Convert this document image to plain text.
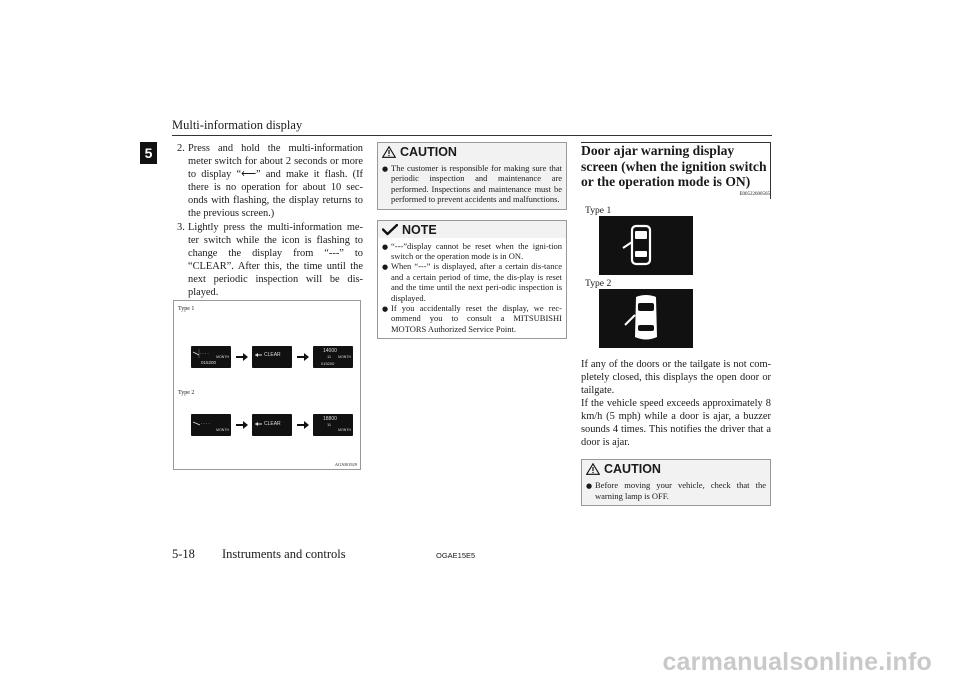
Multi-information display
5	2. Press and hold the multi-information meter switch for about 2 seconds or more to display “⟵” and make it flash. (If there is no operation for about 10 sec-onds with flashing, the display returns to the previous screen.)
3. Lightly press the multi-information me-ter switch while the icon is flashing to change the display from “---” to “CLEAR”. After this, the time until the next periodic inspection will be dis-played.
Type 1
- - - -
MONTH
015200
CLEAR
14000
11 MONTH
015200
Type 2
- - - -
MONTH
CLEAR
18800
11
MONTH
AG3001929
CAUTION
● The customer is responsible for making sure that periodic inspection and maintenance are performed. Inspections and maintenance must be performed to prevent accidents and malfunctions.
NOTE
● “---”display cannot be reset when the igni-tion switch or the operation mode is in ON.
● When “---” is displayed, after a certain dis-tance and a certain period of time, the dis-play is reset and the time until the next peri-odic inspection is displayed.
● If you accidentally reset the display, we rec-ommend you to consult a MITSUBISHI MOTORS Authorized Service Point.
Door ajar warning display screen (when the ignition switch or the operation mode is ON)
E00522600565
Type 1
Type 2
If any of the doors or the tailgate is not com-pletely closed, this displays the open door or tailgate.
If the vehicle speed exceeds approximately 8 km/h (5 mph) while a door is ajar, a buzzer sounds 4 times. This notifies the driver that a door is ajar.
CAUTION
● Before moving your vehicle, check that the warning lamp is OFF.
5-18 Instruments and controls	OGAE15E5
carmanualsonline.info
